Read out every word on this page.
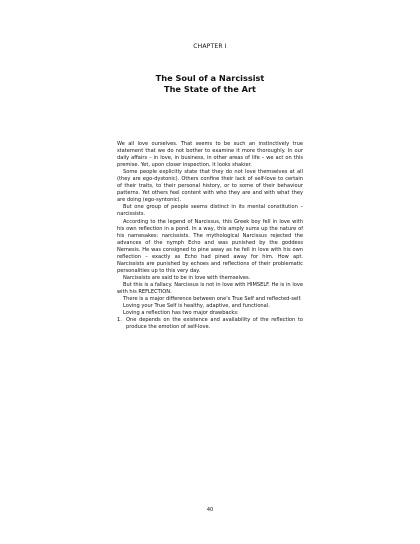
CHAPTER I
The Soul of a Narcissist
The State of the Art

We all love ourselves. That seems to be such an instinctively true statement that we do not bother to examine it more thoroughly. In our daily affairs – in love, in business, in other areas of life – we act on this premise. Yet, upon closer inspection, it looks shakier.

Some people explicitly state that they do not love themselves at all (they are ego-dystonic). Others confine their lack of self-love to certain of their traits, to their personal history, or to some of their behaviour patterns. Yet others feel content with who they are and with what they are doing (ego-syntonic).

But one group of people seems distinct in its mental constitution – narcissists.

According to the legend of Narcissus, this Greek boy fell in love with his own reflection in a pond. In a way, this amply sums up the nature of his namesakes: narcissists. The mythological Narcissus rejected the advances of the nymph Echo and was punished by the goddess Nemesis. He was consigned to pine away as he fell in love with his own reflection – exactly as Echo had pined away for him. How apt. Narcissists are punished by echoes and reflections of their problematic personalities up to this very day.

Narcissists are said to be in love with themselves.

But this is a fallacy. Narcissus is not in love with HIMSELF. He is in love with his REFLECTION.

There is a major difference between one's True Self and reflected-self.

Loving your True Self is healthy, adaptive, and functional.

Loving a reflection has two major drawbacks:

1. One depends on the existence and availability of the reflection to produce the emotion of self-love.
40
